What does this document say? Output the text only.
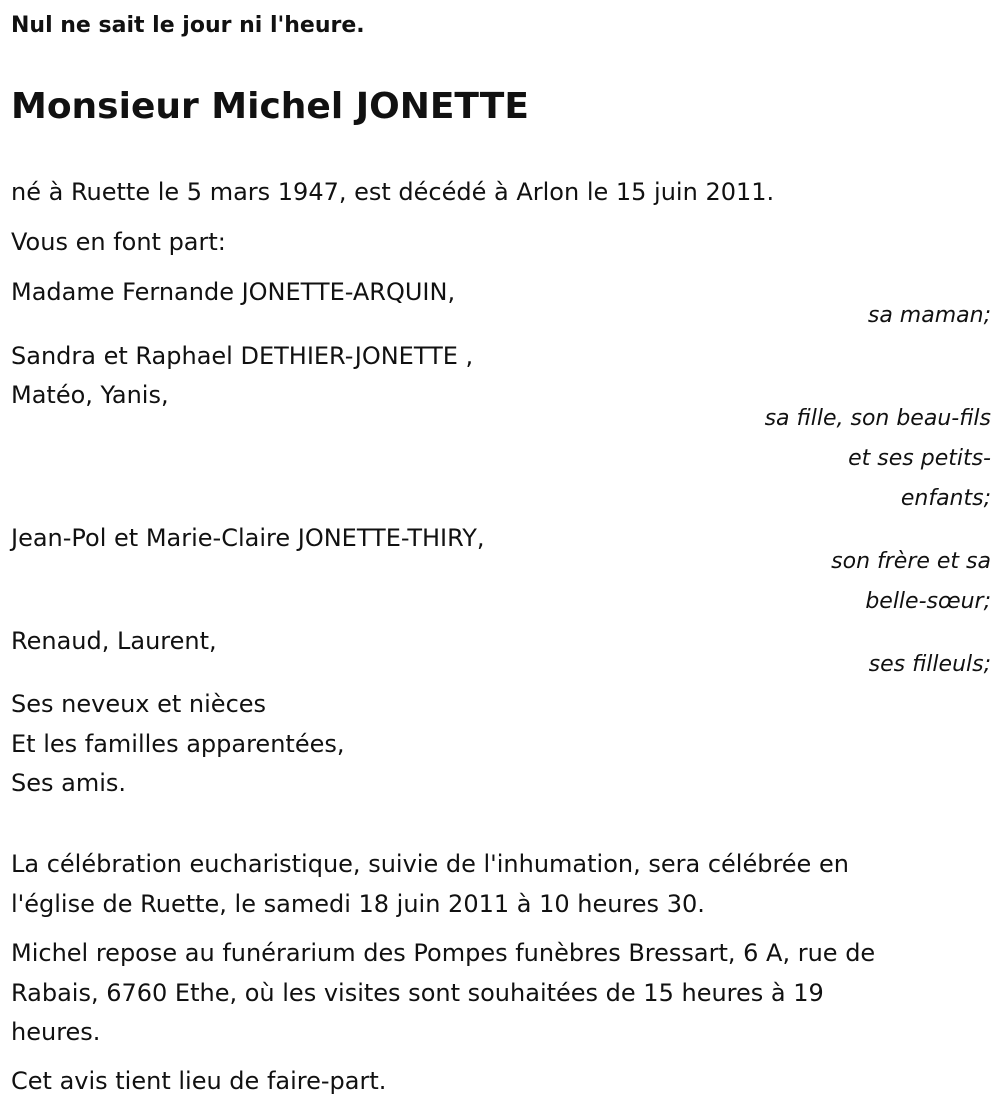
Nul ne sait le jour ni l'heure.
Monsieur Michel JONETTE
né à Ruette le 5 mars 1947, est décédé à Arlon le 15 juin 2011.
Vous en font part:
Madame Fernande JONETTE-ARQUIN,
sa maman;
Sandra et Raphael DETHIER-JONETTE ,
Matéo, Yanis,
sa fille, son beau-fils
et ses petits-
enfants;
Jean-Pol et Marie-Claire JONETTE-THIRY,
son frère et sa
belle-sœur;
Renaud, Laurent,
ses filleuls;
Ses neveux et nièces
Et les familles apparentées,
Ses amis.
La célébration eucharistique, suivie de l'inhumation, sera célébrée en
l'église de Ruette, le samedi 18 juin 2011 à 10 heures 30.
Michel repose au funérarium des Pompes funèbres Bressart, 6 A, rue de
Rabais, 6760 Ethe, où les visites sont souhaitées de 15 heures à 19
heures.
Cet avis tient lieu de faire-part.
